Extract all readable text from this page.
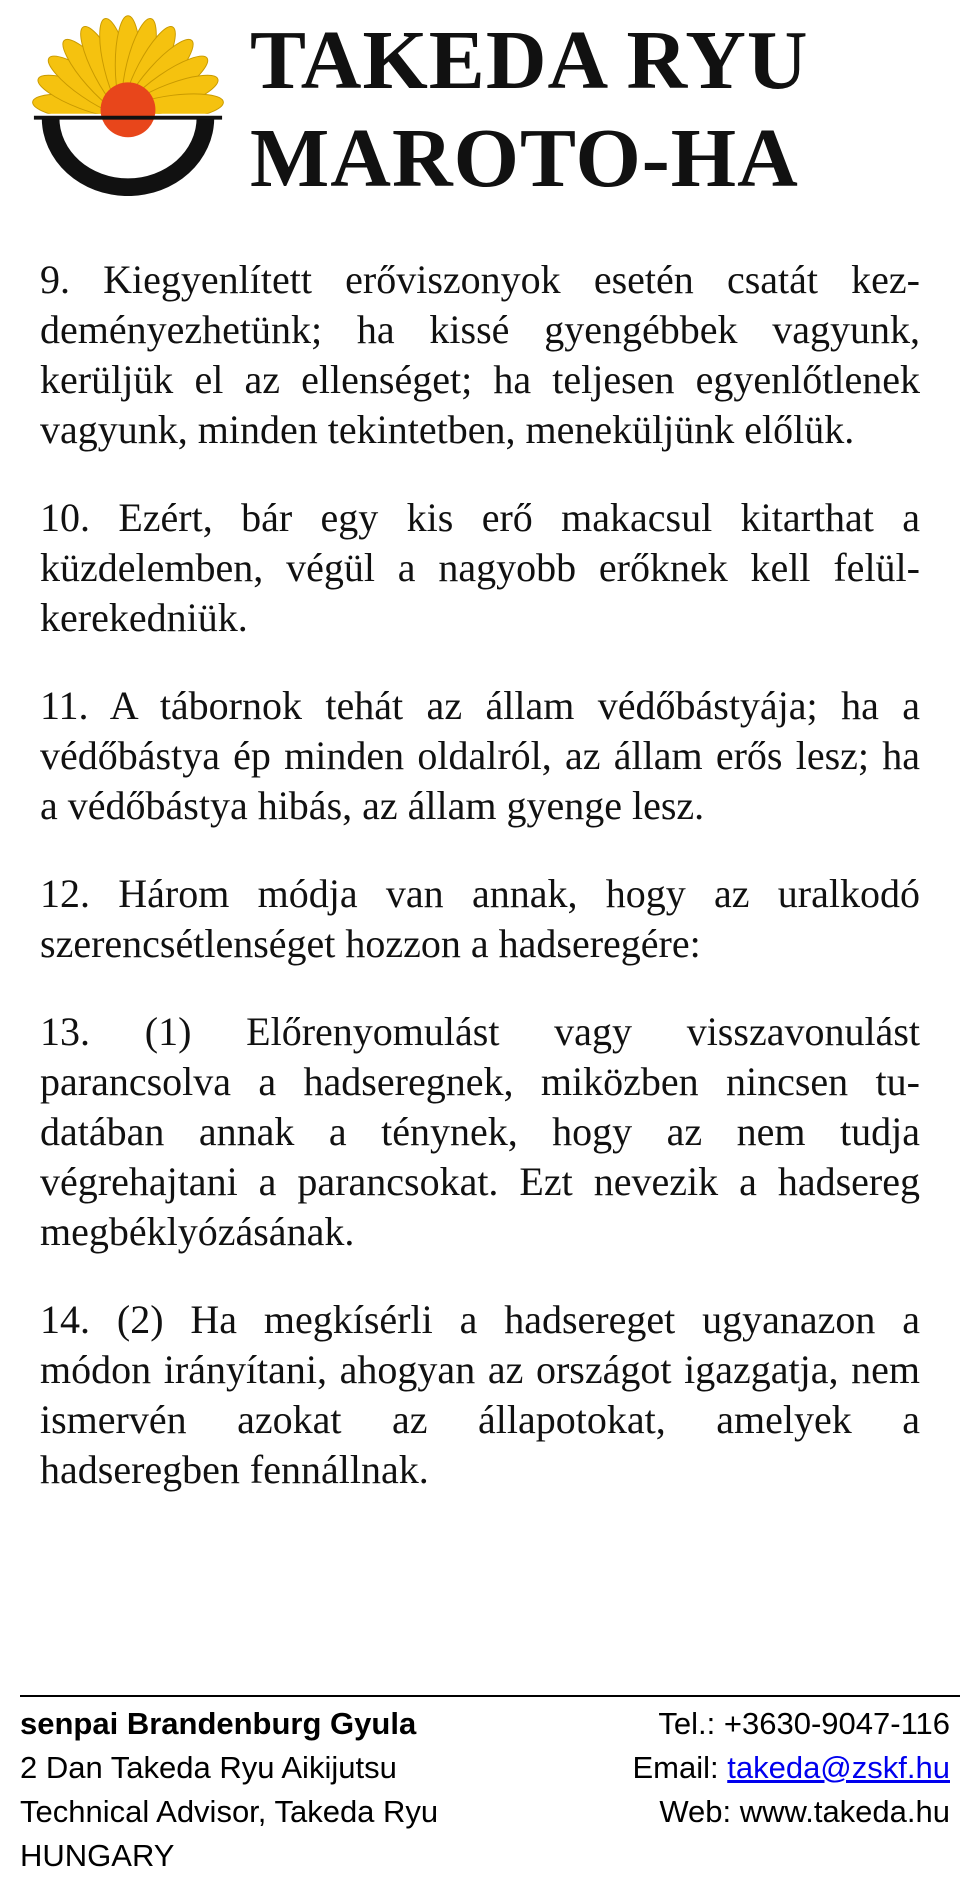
TAKEDA RYU
MAROTO-HA

9. Kiegyenlített erőviszonyok esetén csatát kezdeményezhetünk; ha kissé gyengébbek vagyunk, kerüljük el az ellenséget; ha teljesen egyenlőtlenek vagyunk, minden tekintetben, meneküljünk előlük.

10. Ezért, bár egy kis erő makacsul kitarthat a küzdelemben, végül a nagyobb erőknek kell felülkerekedniük.

11. A tábornok tehát az állam védőbástyája; ha a védőbástya ép minden oldalról, az állam erős lesz; ha a védőbástya hibás, az állam gyenge lesz.

12. Három módja van annak, hogy az uralkodó szerencsétlenséget hozzon a hadseregére:

13. (1) Előrenyomulást vagy visszavonulást parancsolva a hadseregnek, miközben nincsen tudatában annak a ténynek, hogy az nem tudja végrehajtani a parancsokat. Ezt nevezik a hadsereg megbéklyózásának.

14. (2) Ha megkísérli a hadsereget ugyanazon a módon irányítani, ahogyan az országot igazgatja, nem ismervén azokat az állapotokat, amelyek a hadseregben fennállnak.

senpai Brandenburg Gyula
2 Dan Takeda Ryu Aikijutsu
Technical Advisor, Takeda Ryu
HUNGARY
Tel.: +3630-9047-116
Email: takeda@zskf.hu
Web: www.takeda.hu
